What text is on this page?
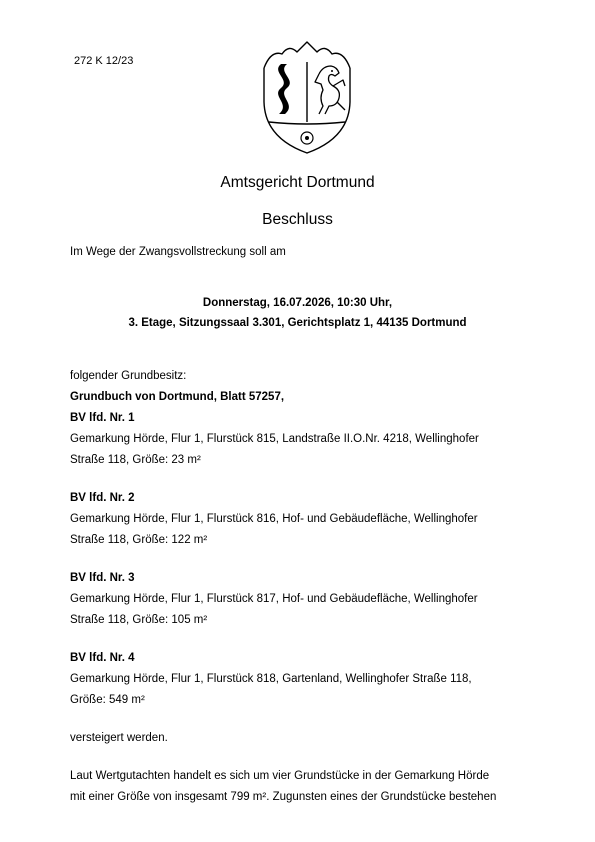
272 K 12/23
Amtsgericht Dortmund
Beschluss
Im Wege der Zwangsvollstreckung soll am
Donnerstag, 16.07.2026, 10:30 Uhr,
3. Etage, Sitzungssaal 3.301, Gerichtsplatz 1, 44135 Dortmund
folgender Grundbesitz:
Grundbuch von Dortmund, Blatt 57257,
BV lfd. Nr. 1
Gemarkung Hörde, Flur 1, Flurstück 815, Landstraße II.O.Nr. 4218, Wellinghofer
Straße 118, Größe: 23 m²
BV lfd. Nr. 2
Gemarkung Hörde, Flur 1, Flurstück 816, Hof- und Gebäudefläche, Wellinghofer
Straße 118, Größe: 122 m²
BV lfd. Nr. 3
Gemarkung Hörde, Flur 1, Flurstück 817, Hof- und Gebäudefläche, Wellinghofer
Straße 118, Größe: 105 m²
BV lfd. Nr. 4
Gemarkung Hörde, Flur 1, Flurstück 818, Gartenland, Wellinghofer Straße 118,
Größe: 549 m²
versteigert werden.
Laut Wertgutachten handelt es sich um vier Grundstücke in der Gemarkung Hörde
mit einer Größe von insgesamt 799 m². Zugunsten eines der Grundstücke bestehen
